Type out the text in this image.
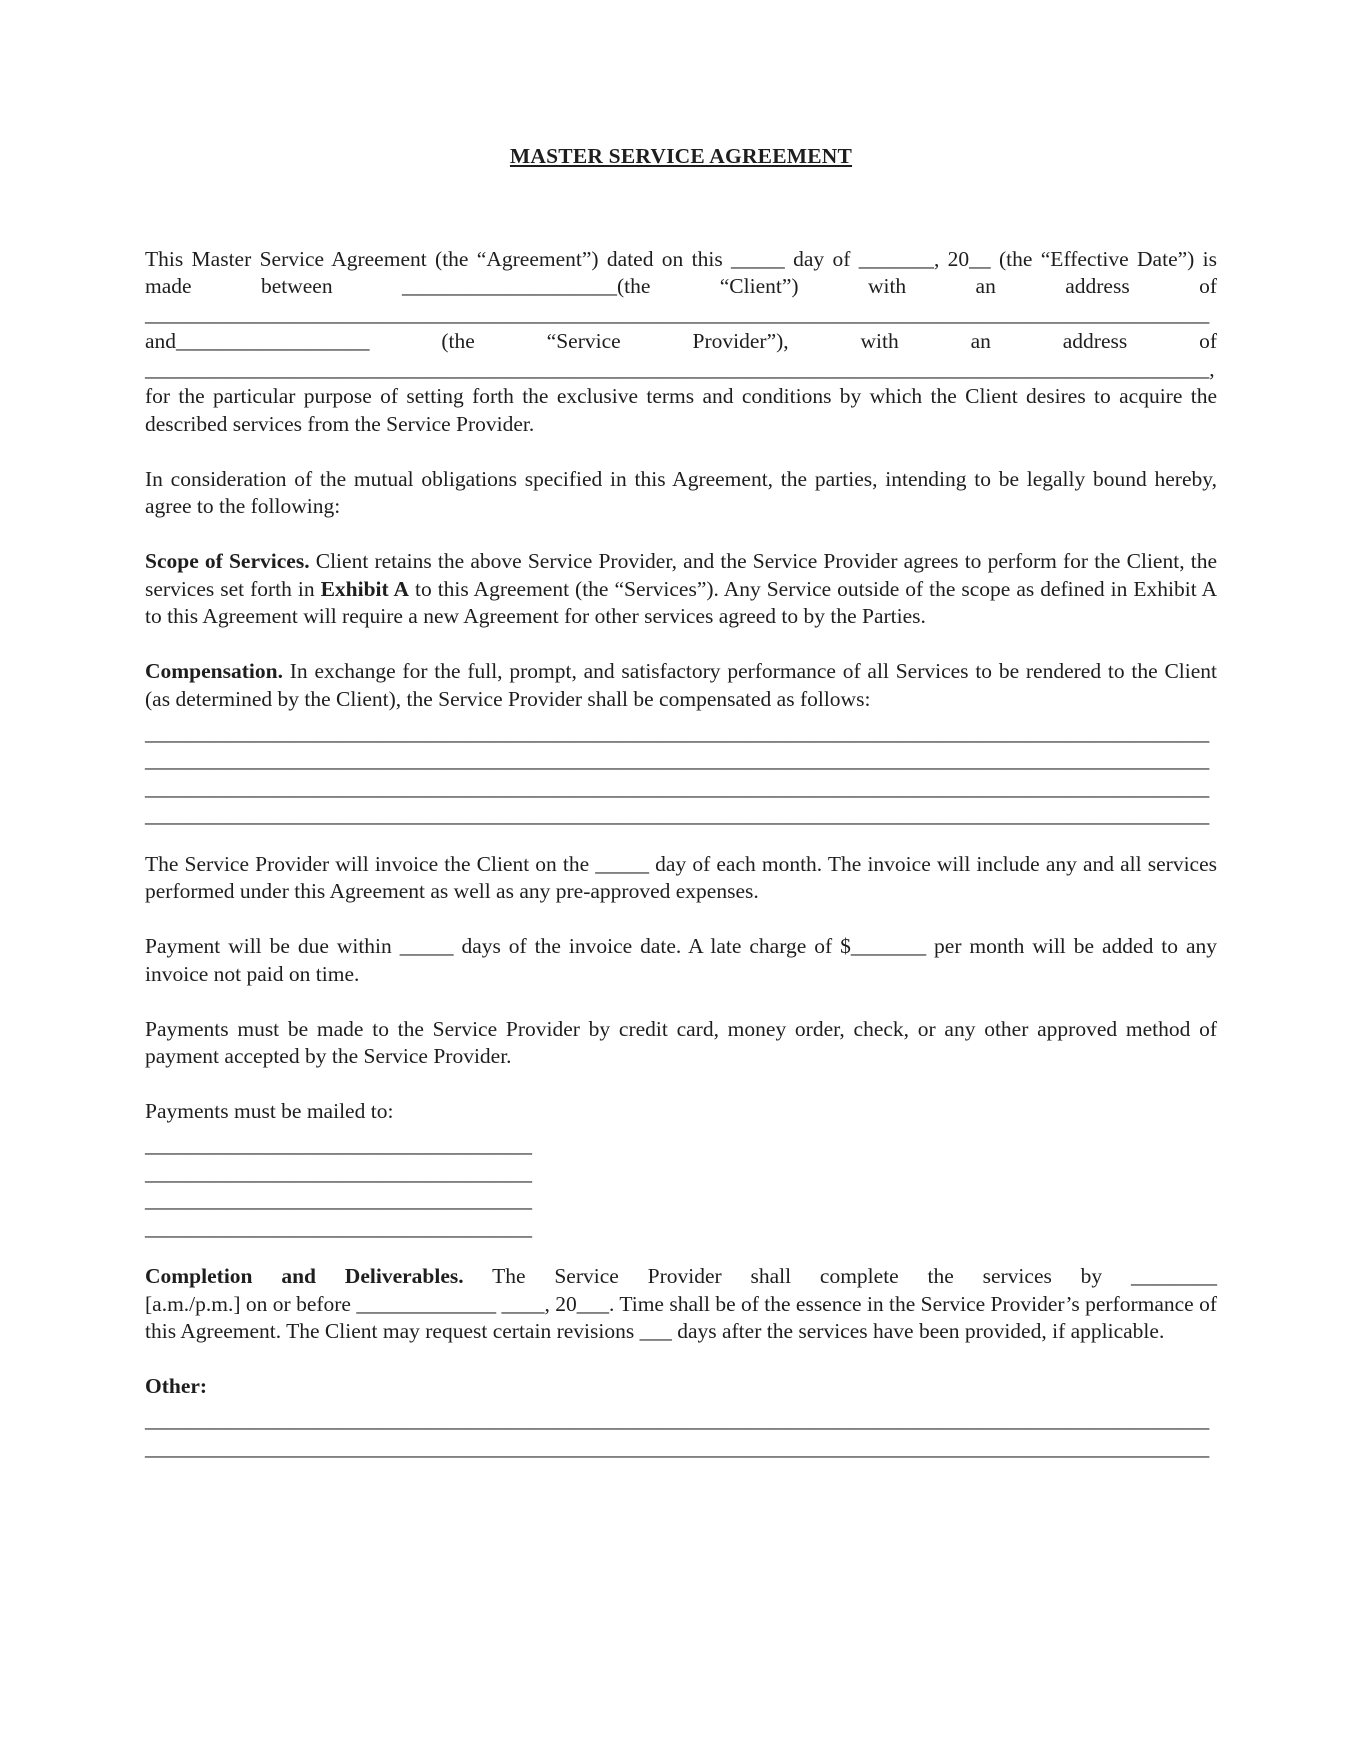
MASTER SERVICE AGREEMENT

This Master Service Agreement (the “Agreement”) dated on this _____ day of _______, 20__ (the “Effective Date”) is made between ____________________(the “Client”) with an address of ___________________________________________________________________________________________________ and__________________ (the “Service Provider”), with an address of ___________________________________________________________________________________________________, for the particular purpose of setting forth the exclusive terms and conditions by which the Client desires to acquire the described services from the Service Provider.

In consideration of the mutual obligations specified in this Agreement, the parties, intending to be legally bound hereby, agree to the following:

Scope of Services. Client retains the above Service Provider, and the Service Provider agrees to perform for the Client, the services set forth in Exhibit A to this Agreement (the “Services”). Any Service outside of the scope as defined in Exhibit A to this Agreement will require a new Agreement for other services agreed to by the Parties.

Compensation. In exchange for the full, prompt, and satisfactory performance of all Services to be rendered to the Client (as determined by the Client), the Service Provider shall be compensated as follows:

___________________________________________________________________________________________________
___________________________________________________________________________________________________
___________________________________________________________________________________________________
___________________________________________________________________________________________________

The Service Provider will invoice the Client on the _____ day of each month. The invoice will include any and all services performed under this Agreement as well as any pre-approved expenses.

Payment will be due within _____ days of the invoice date. A late charge of $_______ per month will be added to any invoice not paid on time.

Payments must be made to the Service Provider by credit card, money order, check, or any other approved method of payment accepted by the Service Provider.

Payments must be mailed to:

____________________________________
____________________________________
____________________________________
____________________________________

Completion and Deliverables. The Service Provider shall complete the services by ________

[a.m./p.m.] on or before _____________ ____, 20___. Time shall be of the essence in the Service Provider’s performance of this Agreement. The Client may request certain revisions ___ days after the services have been provided, if applicable.

Other:

___________________________________________________________________________________________________
___________________________________________________________________________________________________
